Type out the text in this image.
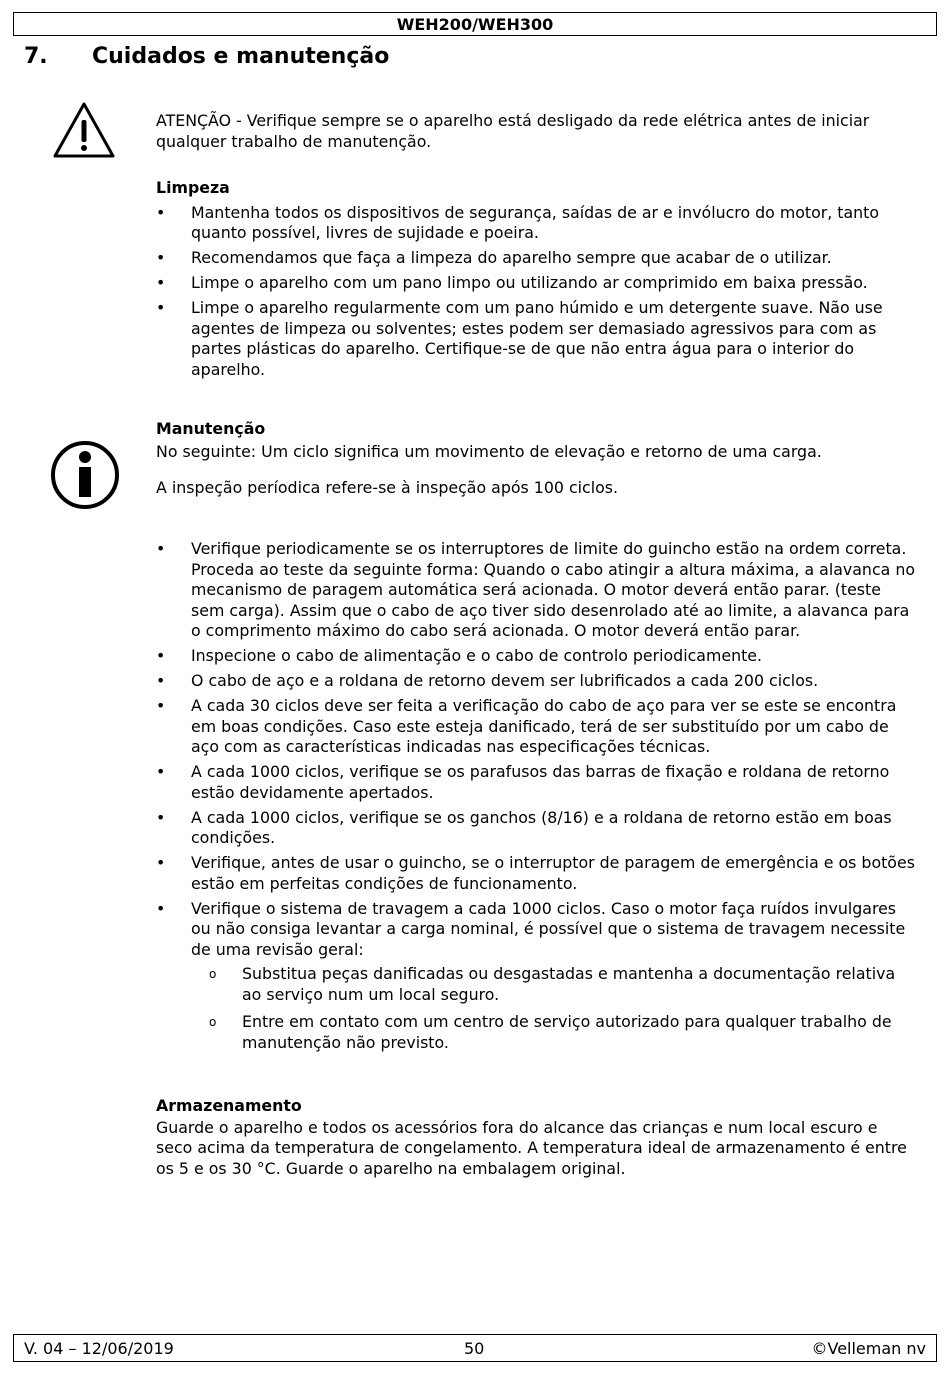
WEH200/WEH300
7. Cuidados e manutenção
ATENÇÃO - Verifique sempre se o aparelho está desligado da rede elétrica antes de iniciar qualquer trabalho de manutenção.
Limpeza
• Mantenha todos os dispositivos de segurança, saídas de ar e invólucro do motor, tanto quanto possível, livres de sujidade e poeira.
• Recomendamos que faça a limpeza do aparelho sempre que acabar de o utilizar.
• Limpe o aparelho com um pano limpo ou utilizando ar comprimido em baixa pressão.
• Limpe o aparelho regularmente com um pano húmido e um detergente suave. Não use agentes de limpeza ou solventes; estes podem ser demasiado agressivos para com as partes plásticas do aparelho. Certifique-se de que não entra água para o interior do aparelho.
Manutenção
No seguinte: Um ciclo significa um movimento de elevação e retorno de uma carga.
A inspeção períodica refere-se à inspeção após 100 ciclos.
• Verifique periodicamente se os interruptores de limite do guincho estão na ordem correta. Proceda ao teste da seguinte forma: Quando o cabo atingir a altura máxima, a alavanca no mecanismo de paragem automática será acionada. O motor deverá então parar. (teste sem carga). Assim que o cabo de aço tiver sido desenrolado até ao limite, a alavanca para o comprimento máximo do cabo será acionada. O motor deverá então parar.
• Inspecione o cabo de alimentação e o cabo de controlo periodicamente.
• O cabo de aço e a roldana de retorno devem ser lubrificados a cada 200 ciclos.
• A cada 30 ciclos deve ser feita a verificação do cabo de aço para ver se este se encontra em boas condições. Caso este esteja danificado, terá de ser substituído por um cabo de aço com as características indicadas nas especificações técnicas.
• A cada 1000 ciclos, verifique se os parafusos das barras de fixação e roldana de retorno estão devidamente apertados.
• A cada 1000 ciclos, verifique se os ganchos (8/16) e a roldana de retorno estão em boas condições.
• Verifique, antes de usar o guincho, se o interruptor de paragem de emergência e os botões estão em perfeitas condições de funcionamento.
• Verifique o sistema de travagem a cada 1000 ciclos. Caso o motor faça ruídos invulgares ou não consiga levantar a carga nominal, é possível que o sistema de travagem necessite de uma revisão geral:
o Substitua peças danificadas ou desgastadas e mantenha a documentação relativa ao serviço num um local seguro.
o Entre em contato com um centro de serviço autorizado para qualquer trabalho de manutenção não previsto.
Armazenamento
Guarde o aparelho e todos os acessórios fora do alcance das crianças e num local escuro e seco acima da temperatura de congelamento. A temperatura ideal de armazenamento é entre os 5 e os 30 °C. Guarde o aparelho na embalagem original.
V. 04 – 12/06/2019	50	©Velleman nv
